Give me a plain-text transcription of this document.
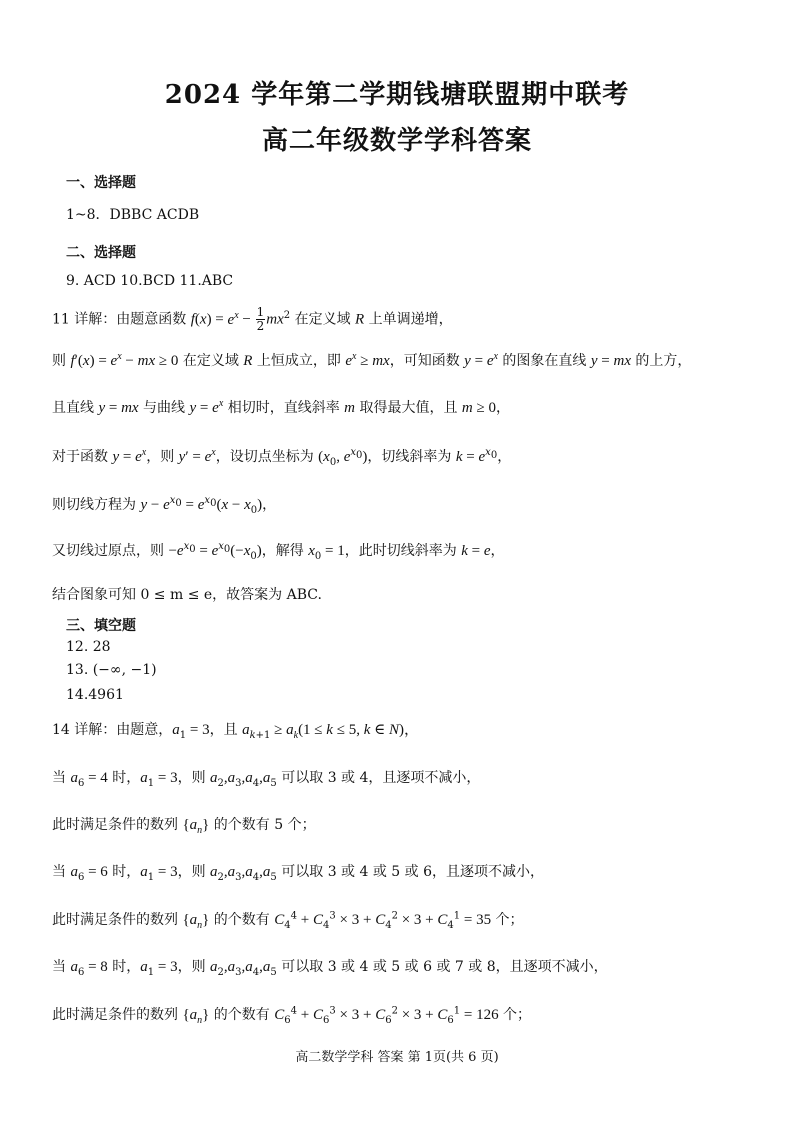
2024 学年第二学期钱塘联盟期中联考
高二年级数学学科答案
一、选择题
1~8．DBBC ACDB
二、选择题
9. ACD 10.BCD 11.ABC
11 详解：由题意函数 $f(x) = e^x - \frac{1}{2} mx^2$ 在定义域 R 上单调递增，
则 $f'(x) = e^x$ − mx ≥ 0 在定义域 R 上恒成立，即 $e^x$ ≥ mx，可知函数 $y = e^x$ 的图象在直线 y = mx 的上方，
且直线 y = mx 与曲线 $y = e^x$ 相切时，直线斜率 m 取得最大值，且 m ≥ 0，
对于函数 $y = e^x$，则 $y' = e^x$，设切点坐标为 ($x_0$, $e^{x_0}$)，切线斜率为 $k = e^{x_0}$，
则切线方程为 $y - e^{x_0} = e^{x_0}(x - x_0)$，
又切线过原点，则 $-e^{x_0} = e^{x_0}(-x_0)$，解得 $x_0 = 1$，此时切线斜率为 k = e，
结合图象可知 0 ≤ m ≤ e，故答案为 ABC.
三、填空题
12. 28
13. (−∞, −1)
14.4961
14 详解：由题意，$a_1 = 3$，且 $a_{k+1} \ge a_k(1 \le k \le 5$, k ∈ N)，
当 $a_6 = 4$ 时，$a_1 = 3$，则 $a_2,a_3,a_4,a_5$ 可以取 3 或 4，且逐项不减小，
此时满足条件的数列 $\{a_n\}$ 的个数有 5 个；
当 $a_6 = 6$ 时，$a_1 = 3$，则 $a_2,a_3,a_4,a_5$ 可以取 3 或 4 或 5 或 6，且逐项不减小，
此时满足条件的数列 $\{a_n\}$ 的个数有 $C_4^4 + C_4^3 \times 3 + C_4^2 \times 3 + C_4^1 = 35$ 个；
当 $a_6 = 8$ 时，$a_1 = 3$，则 $a_2,a_3,a_4,a_5$ 可以取 3 或 4 或 5 或 6 或 7 或 8，且逐项不减小，
此时满足条件的数列 $\{a_n\}$ 的个数有 $C_6^4 + C_6^3 \times 3 + C_6^2 \times 3 + C_6^1 = 126$ 个；
高二数学学科 答案 第 1页(共 6 页)
